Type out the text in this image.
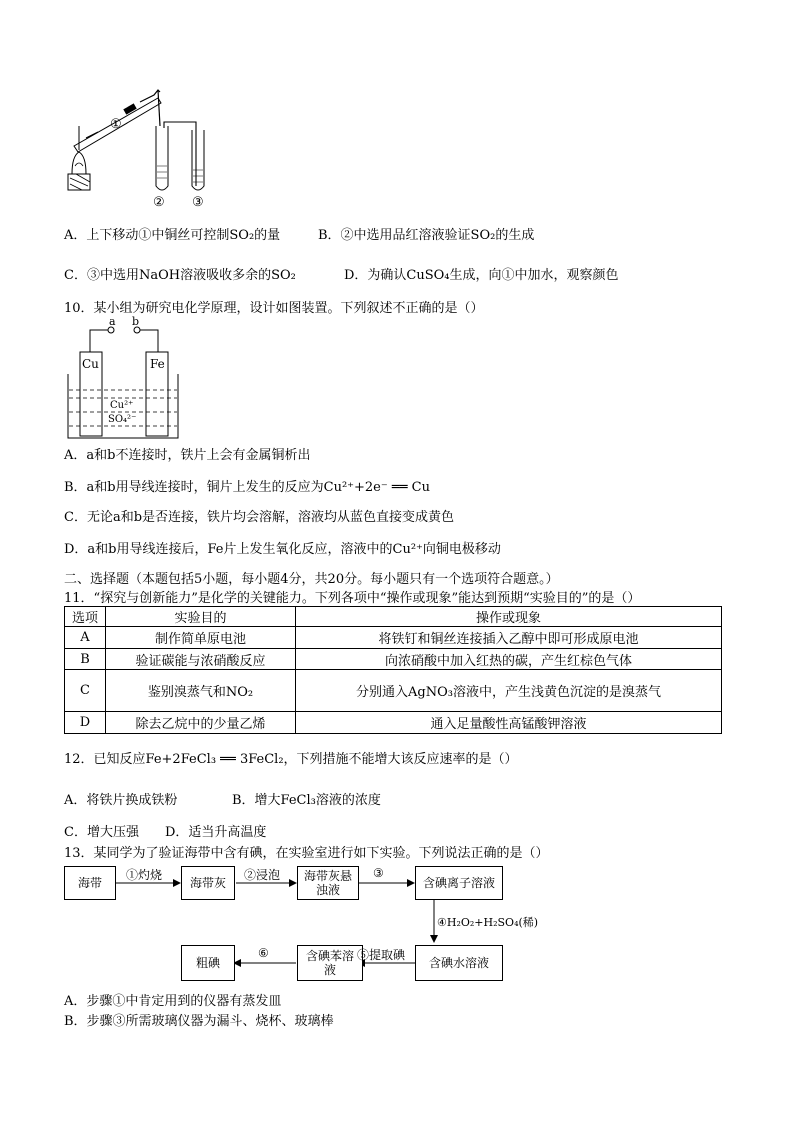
①
② ③
A．上下移动①中铜丝可控制SO₂的量	B．②中选用品红溶液验证SO₂的生成
C．③中选用NaOH溶液吸收多余的SO₂	D．为确认CuSO₄生成，向①中加水，观察颜色
10．某小组为研究电化学原理，设计如图装置。下列叙述不正确的是（）
a b
Cu	Fe
Cu²⁺
SO₄²⁻
A．a和b不连接时，铁片上会有金属铜析出
B．a和b用导线连接时，铜片上发生的反应为Cu²⁺+2e⁻ ══ Cu
C．无论a和b是否连接，铁片均会溶解，溶液均从蓝色直接变成黄色
D．a和b用导线连接后，Fe片上发生氧化反应，溶液中的Cu²⁺向铜电极移动
二、选择题（本题包括5小题，每小题4分，共20分。每小题只有一个选项符合题意。）
11．“探究与创新能力”是化学的关键能力。下列各项中“操作或现象”能达到预期“实验目的”的是（）
选项	实验目的	操作或现象
A	制作简单原电池	将铁钉和铜丝连接插入乙醇中即可形成原电池
B	验证碳能与浓硝酸反应	向浓硝酸中加入红热的碳，产生红棕色气体
C	鉴别溴蒸气和NO₂	分别通入AgNO₃溶液中，产生浅黄色沉淀的是溴蒸气
D	除去乙烷中的少量乙烯	通入足量酸性高锰酸钾溶液
12．已知反应Fe+2FeCl₃ ══ 3FeCl₂，下列措施不能增大该反应速率的是（）
A．将铁片换成铁粉	B．增大FeCl₃溶液的浓度
C．增大压强　　D．适当升高温度
13．某同学为了验证海带中含有碘，在实验室进行如下实验。下列说法正确的是（）
海带	海带灰	海带灰悬浊液	含碘离子溶液
含碘水溶液
含碘苯溶液
粗碘
①灼烧	②浸泡	③
④H₂O₂+H₂SO₄(稀)
⑤提取碘
⑥
A．步骤①中肯定用到的仪器有蒸发皿
B．步骤③所需玻璃仪器为漏斗、烧杯、玻璃棒
